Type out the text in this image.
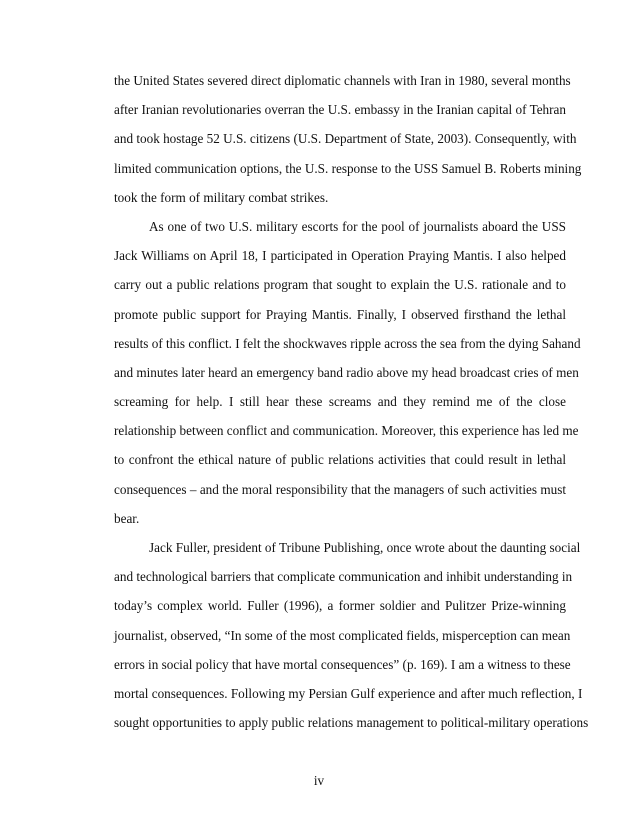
the United States severed direct diplomatic channels with Iran in 1980, several months
after Iranian revolutionaries overran the U.S. embassy in the Iranian capital of Tehran
and took hostage 52 U.S. citizens (U.S. Department of State, 2003). Consequently, with
limited communication options, the U.S. response to the USS Samuel B. Roberts mining
took the form of military combat strikes.
As one of two U.S. military escorts for the pool of journalists aboard the USS
Jack Williams on April 18, I participated in Operation Praying Mantis. I also helped
carry out a public relations program that sought to explain the U.S. rationale and to
promote public support for Praying Mantis. Finally, I observed firsthand the lethal
results of this conflict. I felt the shockwaves ripple across the sea from the dying Sahand
and minutes later heard an emergency band radio above my head broadcast cries of men
screaming for help. I still hear these screams and they remind me of the close
relationship between conflict and communication. Moreover, this experience has led me
to confront the ethical nature of public relations activities that could result in lethal
consequences – and the moral responsibility that the managers of such activities must
bear.
Jack Fuller, president of Tribune Publishing, once wrote about the daunting social
and technological barriers that complicate communication and inhibit understanding in
today’s complex world. Fuller (1996), a former soldier and Pulitzer Prize-winning
journalist, observed, “In some of the most complicated fields, misperception can mean
errors in social policy that have mortal consequences” (p. 169). I am a witness to these
mortal consequences. Following my Persian Gulf experience and after much reflection, I
sought opportunities to apply public relations management to political-military operations
iv
